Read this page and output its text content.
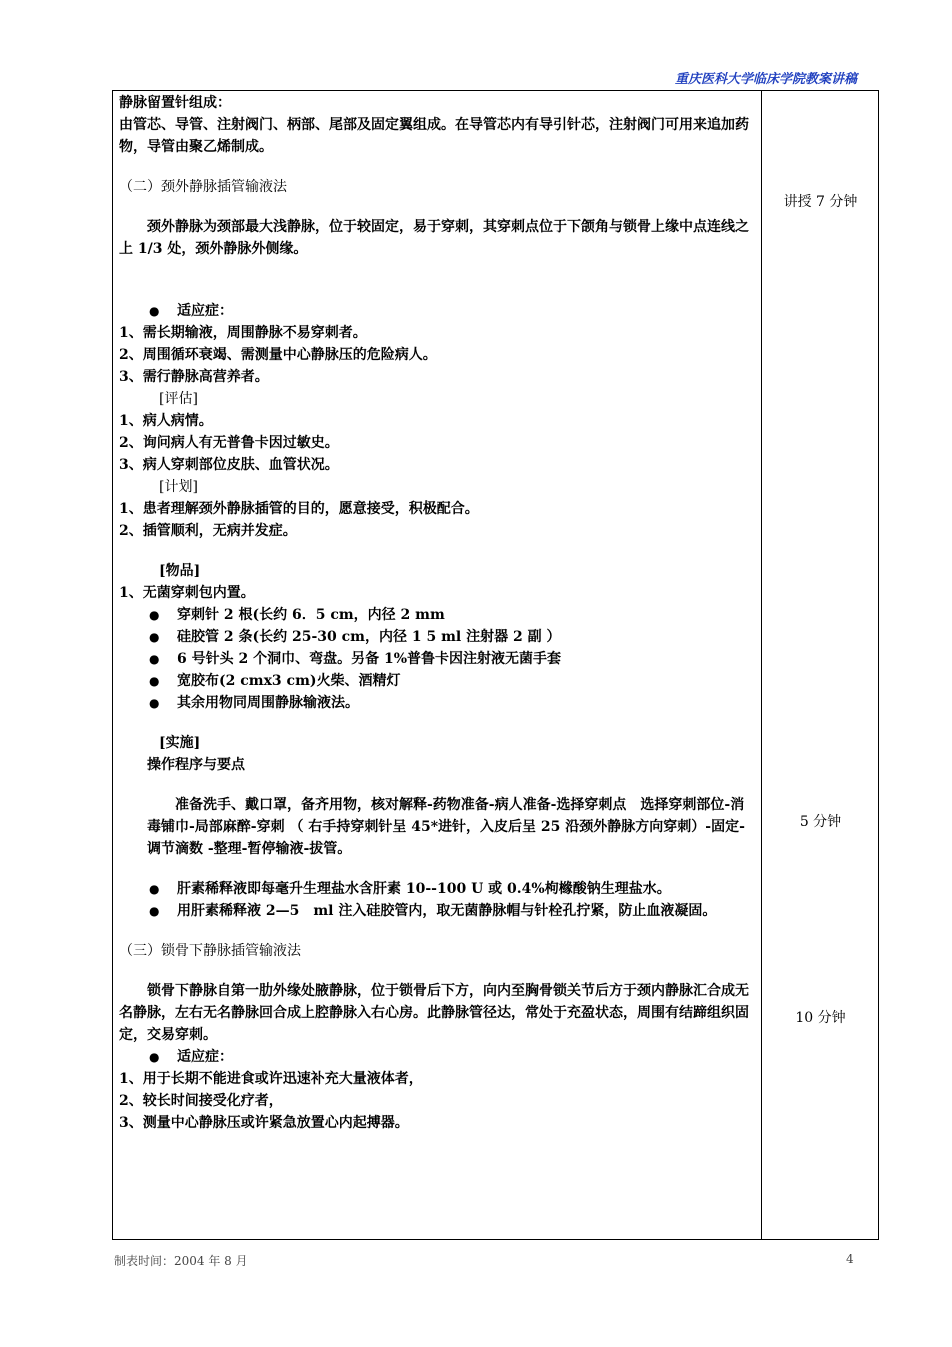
重庆医科大学临床学院教案讲稿

静脉留置针组成：

由管芯、导管、注射阀门、柄部、尾部及固定翼组成。在导管芯内有导引针芯，注射阀门可用来追加药物，导管由聚乙烯制成。

（二）颈外静脉插管输液法

颈外静脉为颈部最大浅静脉，位于较固定，易于穿刺，其穿刺点位于下颌角与锁骨上缘中点连线之上 1/3 处，颈外静脉外侧缘。

● 适应症：

1、需长期输液，周围静脉不易穿刺者。

2、周围循环衰竭、需测量中心静脉压的危险病人。

3、需行静脉高营养者。

[评估]

1、病人病情。

2、询问病人有无普鲁卡因过敏史。

3、病人穿刺部位皮肤、血管状况。

[计划]

1、患者理解颈外静脉插管的目的，愿意接受，积极配合。

2、插管顺利，无病并发症。

[物品]

1、无菌穿刺包内置。

● 穿刺针 2 根(长约 6．5 cm，内径 2 mm

● 硅胶管 2 条(长约 25-30 cm，内径 1 5 ml 注射器 2 副 ）

● 6 号针头 2 个洞巾、弯盘。另备 1%普鲁卡因注射液无菌手套

● 宽胶布(2 cmx3 cm)火柴、酒精灯

● 其余用物同周围静脉输液法。

[实施]

操作程序与要点

准备洗手、戴口罩，备齐用物，核对解释-药物准备-病人准备-选择穿刺点　选择穿刺部位-消毒铺巾-局部麻醉-穿刺 （ 右手持穿刺针呈 45*进针，入皮后呈 25 沿颈外静脉方向穿刺）-固定-调节滴数 -整理-暂停输液-拔管。

● 肝素稀释液即每毫升生理盐水含肝素 10--100 U 或 0.4%枸橼酸钠生理盐水。

● 用肝素稀释液 2—5　ml 注入硅胶管内，取无菌静脉帽与针栓孔拧紧，防止血液凝固。

（三）锁骨下静脉插管输液法

锁骨下静脉自第一肋外缘处腋静脉，位于锁骨后下方，向内至胸骨锁关节后方于颈内静脉汇合成无名静脉，左右无名静脉回合成上腔静脉入右心房。此静脉管径达，常处于充盈状态，周围有结蹄组织固定，交易穿刺。

● 适应症：

1、用于长期不能进食或许迅速补充大量液体者，

2、较长时间接受化疗者，

3、测量中心静脉压或许紧急放置心内起搏器。

讲授 7 分钟
5 分钟
10 分钟
制表时间：2004 年 8 月	4
